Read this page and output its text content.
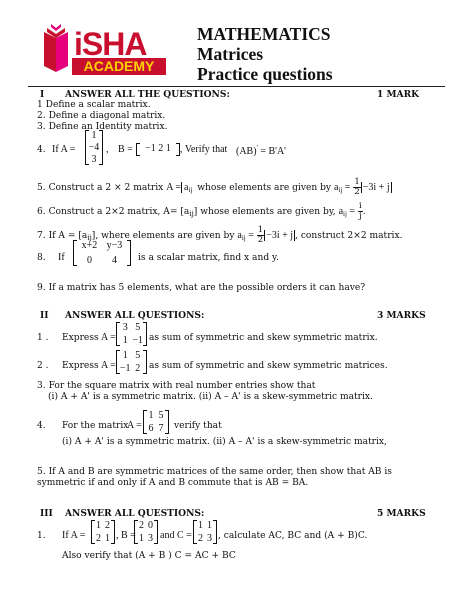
ACADEMY
iSHA	MATHEMATICS
Matrices
Practice questions
I ANSWER ALL THE QUESTIONS:	1 MARK
1 Define a scalar matrix.
2. Define a diagonal matrix.
3. Define an Identity matrix.
4. If A =
1
−4
3
, B =	−1 2 1 , Verify that (AB)' = B'A'
5. Construct a 2 × 2 matrix $A = a_{ij}$ whose elements are given by $a_{ij} = \frac{1}{2} -3i + j$
6. Construct a 2×2 matrix, $A= [a_{ij}]$ whose elements are given by, $a_{ij} = \frac{i}{j}$ .
7. If $A = [a_{ij}]$, where elements are given by $a_{ij} = \frac{1}{2} -3i + j$ , construct 2×2 matrix.
8. If
x+2 y−3
0	4	is a scalar matrix, find x and y.
9. If a matrix has 5 elements, what are the possible orders it can have?
II ANSWER ALL QUESTIONS:	3 MARKS
1 . Express A =
3 5
1 −1 as sum of symmetric and skew symmetric matrix.
2 . Express A =
1 5
−1 2 as sum of symmetric and skew symmetric matrices.
3. For the square matrix with real number entries show that
(i) A + A' is a symmetric matrix. (ii) A – A' is a skew-symmetric matrix.
4. For the matrix
A =
1 5
6 7 verify that
(i) A + A' is a symmetric matrix. (ii) A – A' is a skew-symmetric matrix,
5. If A and B are symmetric matrices of the same order, then show that AB is
symmetric if and only if A and B commute that is AB = BA.
III ANSWER ALL QUESTIONS:	5 MARKS
1. If A =
1 2
2 1 , B =
2 0
1 3 and C =
1 1
2 3 , calculate AC, BC and (A + B)C.
Also verify that (A + B ) C = AC + BC
